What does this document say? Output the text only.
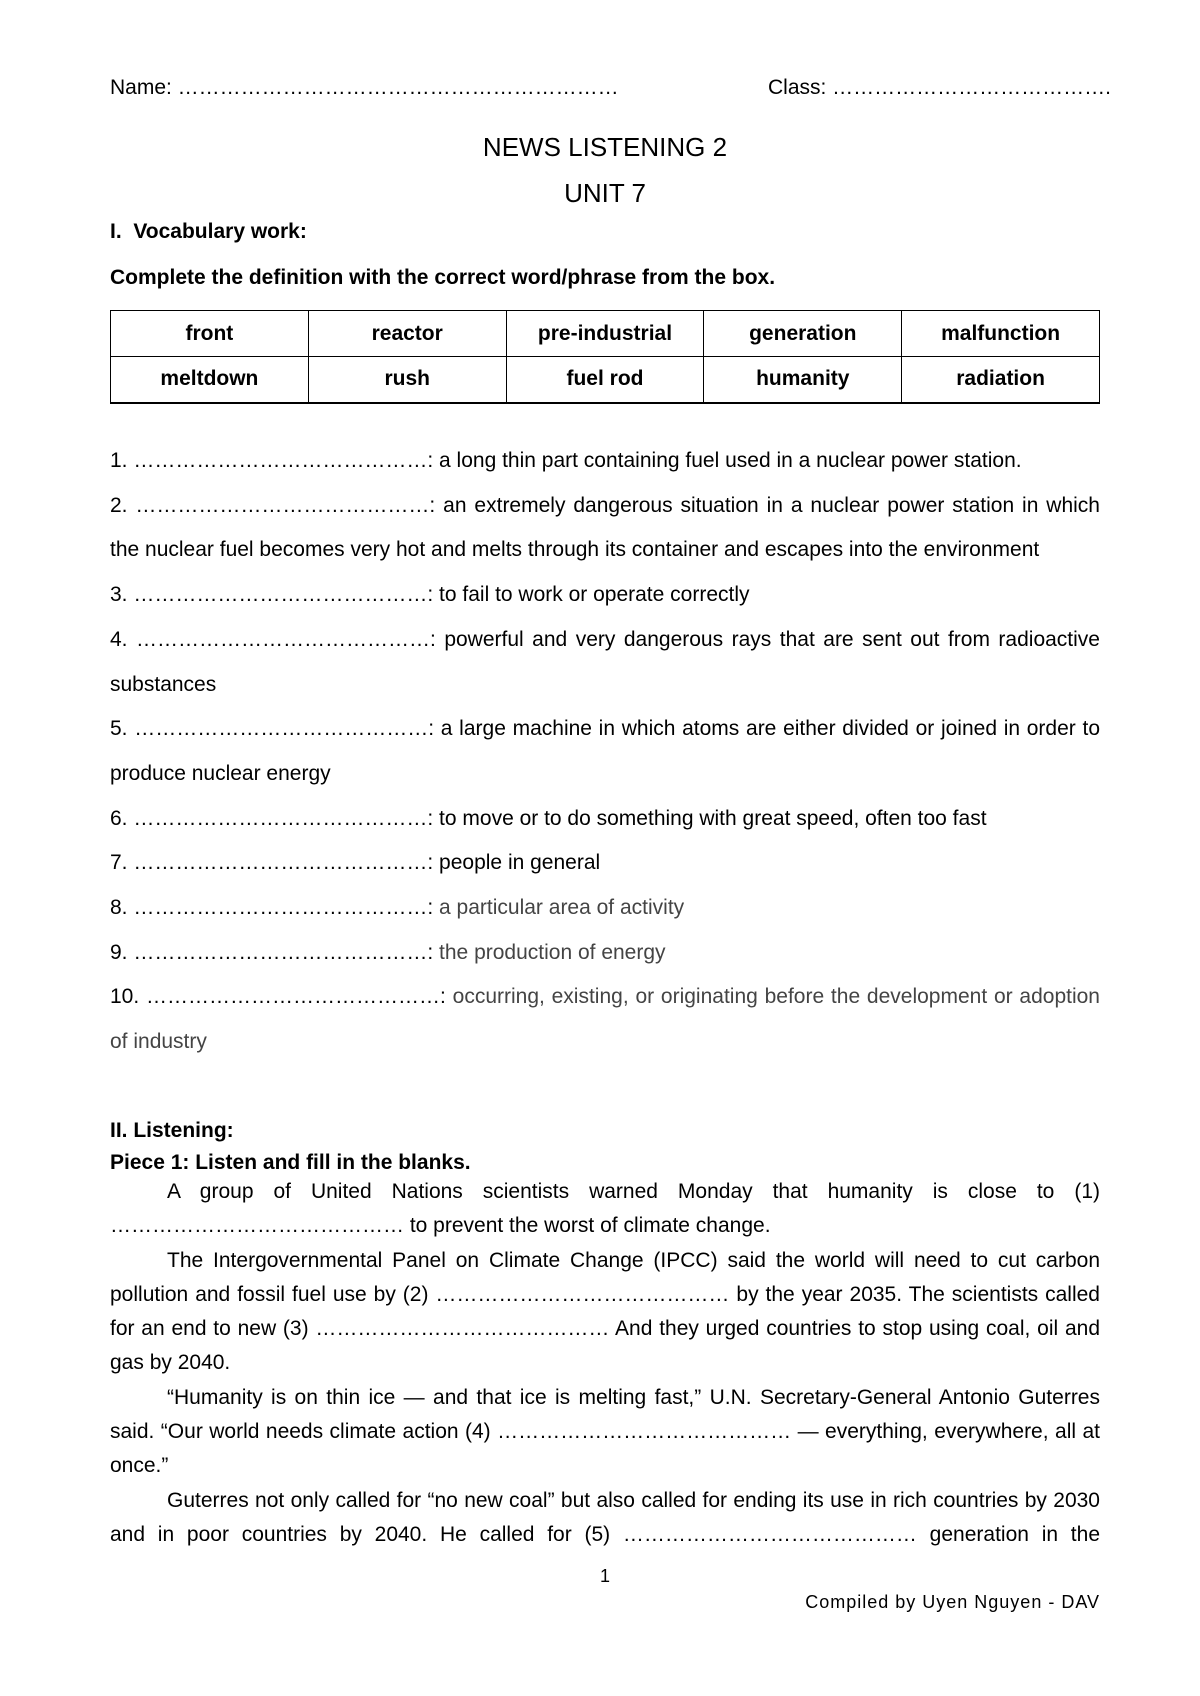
Name: ………………………………………………………	Class: ………………………………….
NEWS LISTENING 2
UNIT 7
I.  Vocabulary work:
Complete the definition with the correct word/phrase from the box.
front	reactor	pre-industrial	generation	malfunction
meltdown	rush	fuel rod	humanity	radiation

1. ……………………………………: a long thin part containing fuel used in a nuclear power station.

2. ……………………………………: an extremely dangerous situation in a nuclear power station in which the nuclear fuel becomes very hot and melts through its container and escapes into the environment

3. ……………………………………: to fail to work or operate correctly

4. ……………………………………: powerful and very dangerous rays that are sent out from radioactive substances

5. ……………………………………: a large machine in which atoms are either divided or joined in order to produce nuclear energy

6. ……………………………………: to move or to do something with great speed, often too fast

7. ……………………………………: people in general

8. ……………………………………: a particular area of activity

9. ……………………………………: the production of energy

10. ……………………………………: occurring, existing, or originating before the development or adoption of industry

II. Listening:
Piece 1: Listen and fill in the blanks.

A group of United Nations scientists warned Monday that humanity is close to (1) …………………………………… to prevent the worst of climate change.

The Intergovernmental Panel on Climate Change (IPCC) said the world will need to cut carbon pollution and fossil fuel use by (2) …………………………………… by the year 2035. The scientists called for an end to new (3) …………………………………… And they urged countries to stop using coal, oil and gas by 2040.

“Humanity is on thin ice — and that ice is melting fast,” U.N. Secretary-General Antonio Guterres said. “Our world needs climate action (4) …………………………………… — everything, everywhere, all at once.”

Guterres not only called for “no new coal” but also called for ending its use in rich countries by 2030 and in poor countries by 2040. He called for (5) …………………………………… generation in the

1
Compiled by Uyen Nguyen - DAV
